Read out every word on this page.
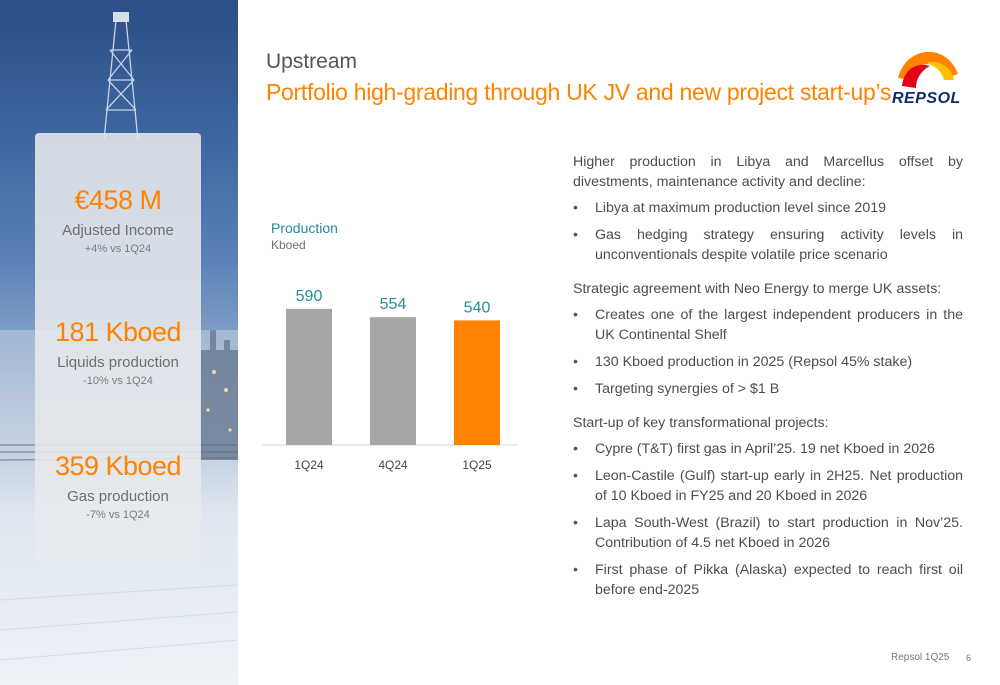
€458 M
Adjusted Income
+4% vs 1Q24
181 Kboed
Liquids production
-10% vs 1Q24
359 Kboed
Gas production
-7% vs 1Q24
Upstream
Portfolio high-grading through UK JV and new project start-up’s REPSOL
Production
Kboed
590
1Q24
554
4Q24
540
1Q25
Higher production in Libya and Marcellus offset by divestments, maintenance activity and decline:
• Libya at maximum production level since 2019
• Gas hedging strategy ensuring activity levels in unconventionals despite volatile price scenario
Strategic agreement with Neo Energy to merge UK assets:
• Creates one of the largest independent producers in the UK Continental Shelf
• 130 Kboed production in 2025 (Repsol 45% stake)
• Targeting synergies of > $1 B
Start-up of key transformational projects:
• Cypre (T&T) first gas in April’25. 19 net Kboed in 2026
• Leon-Castile (Gulf) start-up early in 2H25. Net production of 10 Kboed in FY25 and 20 Kboed in 2026
• Lapa South-West (Brazil) to start production in Nov’25. Contribution of 4.5 net Kboed in 2026
• First phase of Pikka (Alaska) expected to reach first oil before end-2025
Repsol 1Q25 6
